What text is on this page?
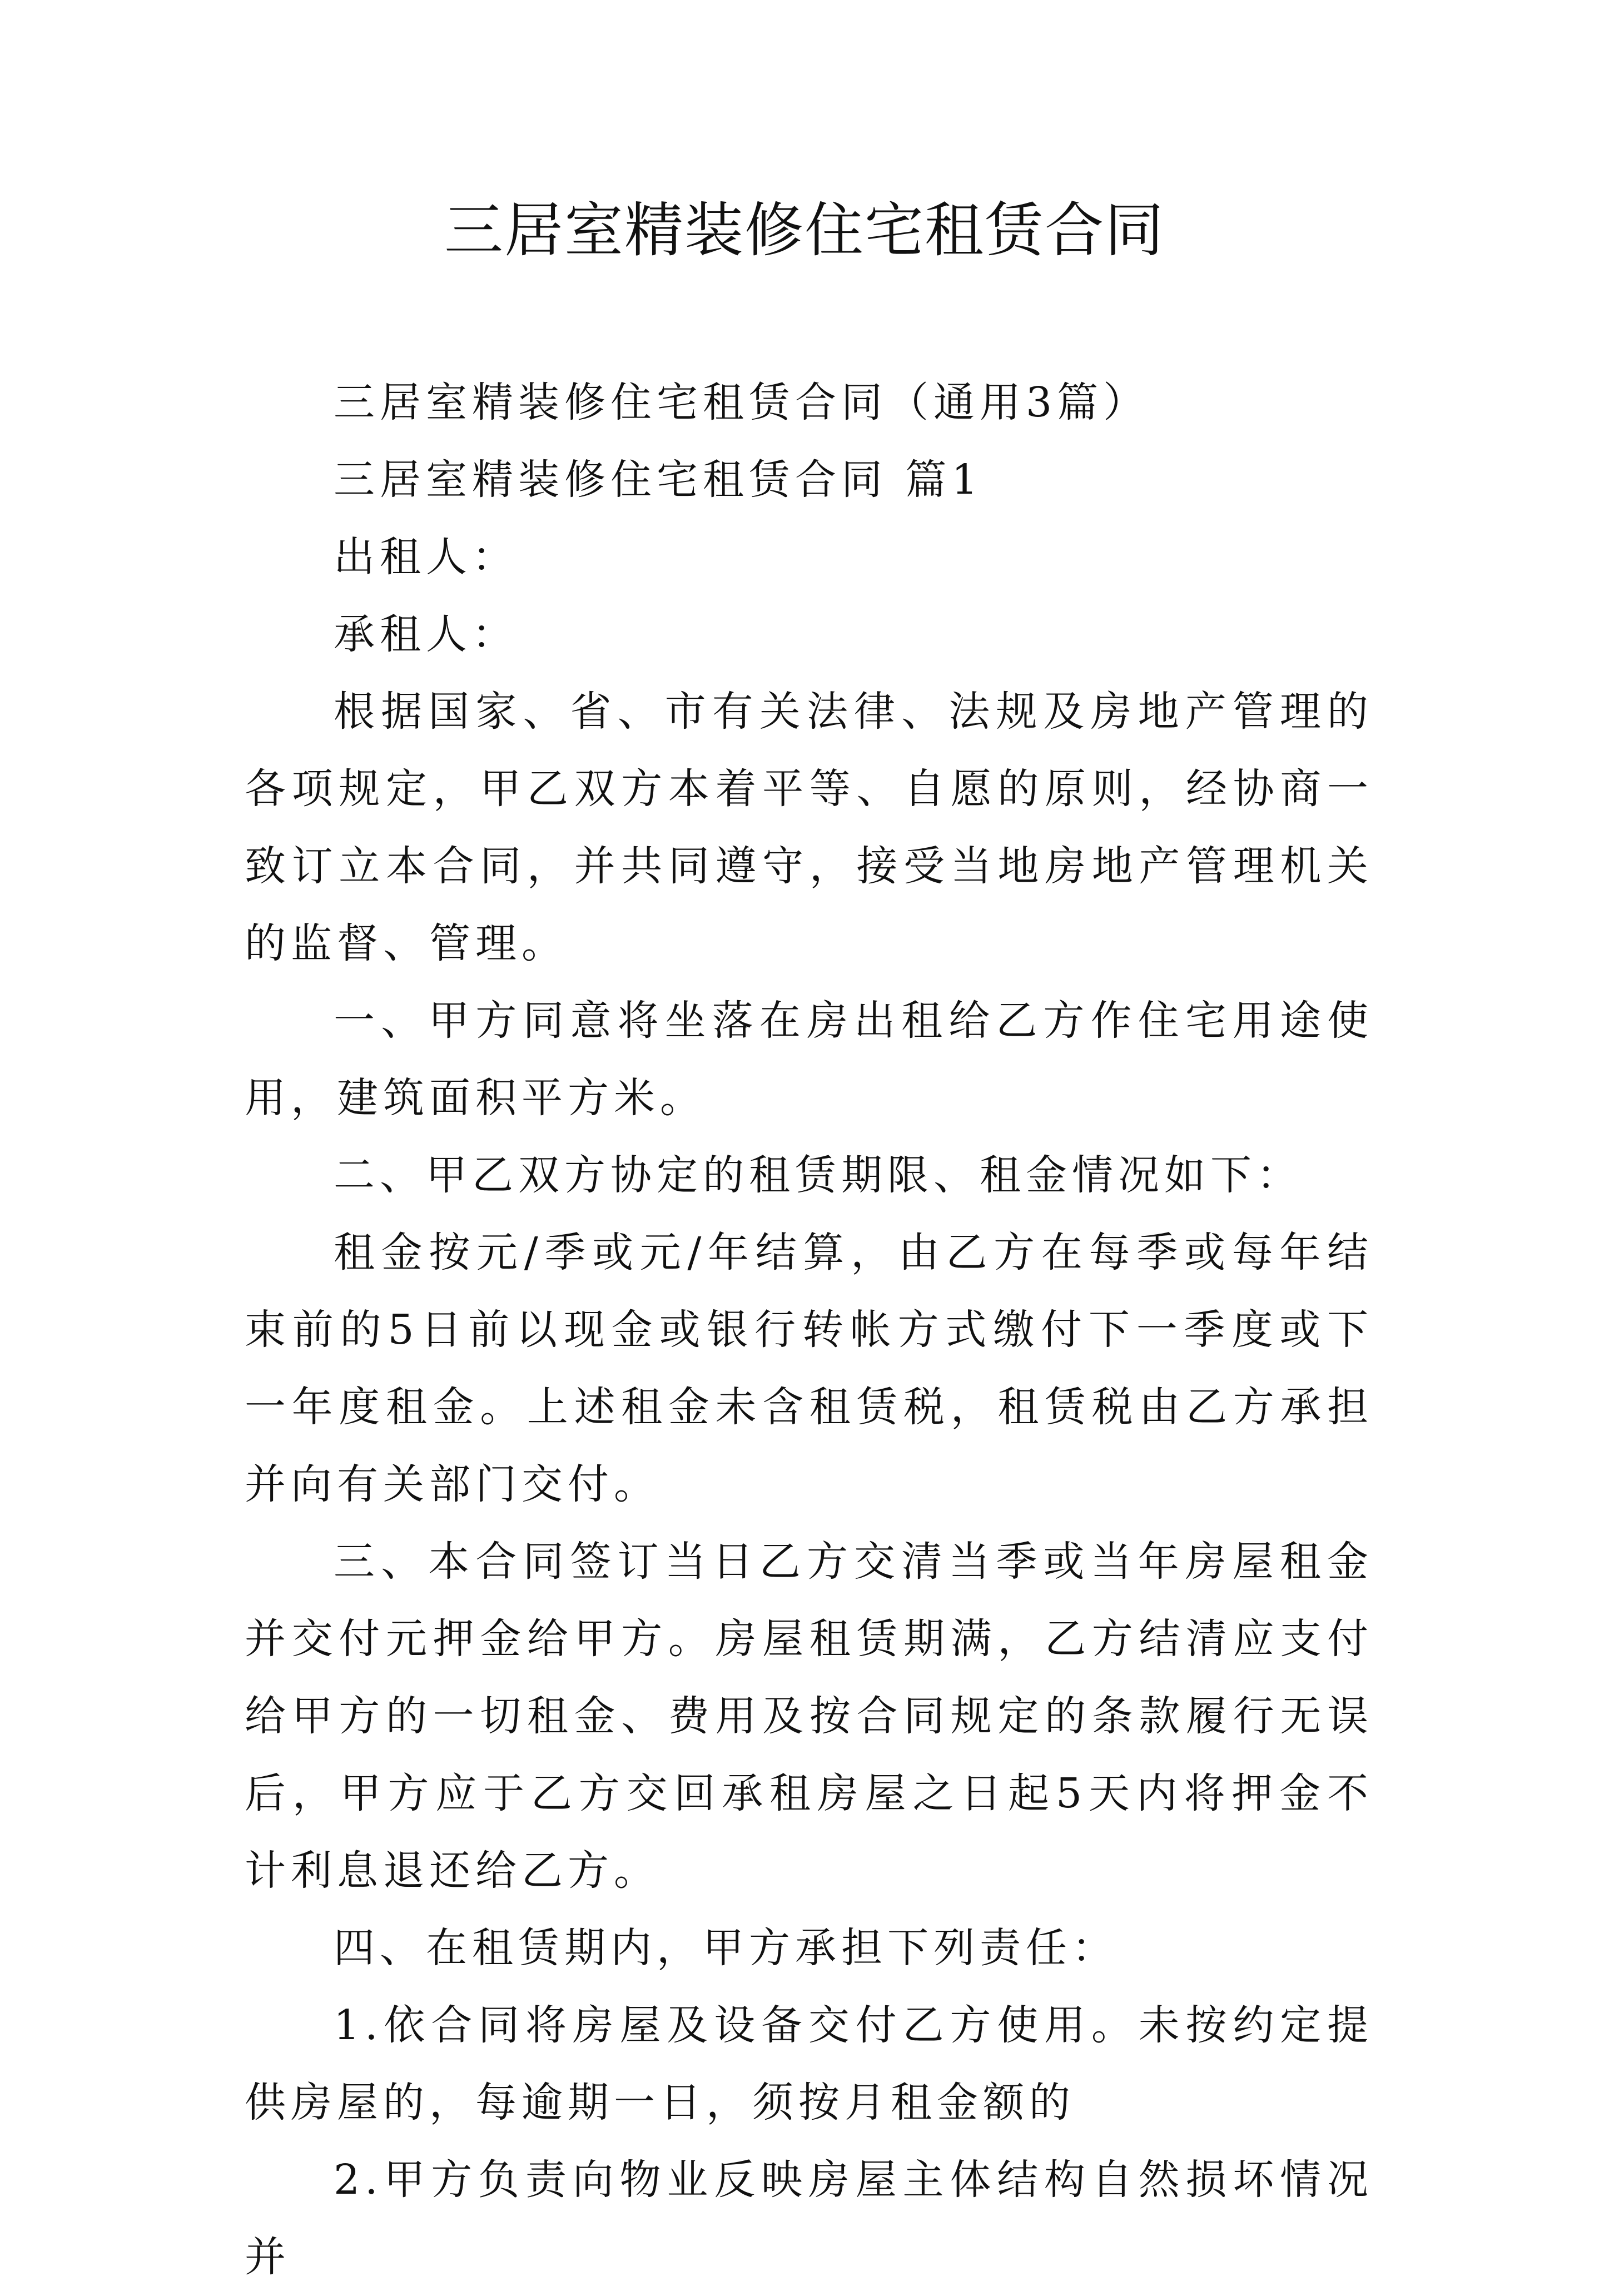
三居室精装修住宅租赁合同

三居室精装修住宅租赁合同（通用3篇）

三居室精装修住宅租赁合同 篇1

出租人：

承租人：

根据国家、省、市有关法律、法规及房地产管理的各项规定，甲乙双方本着平等、自愿的原则，经协商一致订立本合同，并共同遵守，接受当地房地产管理机关的监督、管理。

一、甲方同意将坐落在房出租给乙方作住宅用途使用，建筑面积平方米。

二、甲乙双方协定的租赁期限、租金情况如下：

租金按元/季或元/年结算，由乙方在每季或每年结束前的5日前以现金或银行转帐方式缴付下一季度或下一年度租金。上述租金未含租赁税，租赁税由乙方承担并向有关部门交付。

三、本合同签订当日乙方交清当季或当年房屋租金并交付元押金给甲方。房屋租赁期满，乙方结清应支付给甲方的一切租金、费用及按合同规定的条款履行无误后，甲方应于乙方交回承租房屋之日起5天内将押金不计利息退还给乙方。

四、在租赁期内，甲方承担下列责任：

1.依合同将房屋及设备交付乙方使用。未按约定提供房屋的，每逾期一日，须按月租金额的

2.甲方负责向物业反映房屋主体结构自然损坏情况并
